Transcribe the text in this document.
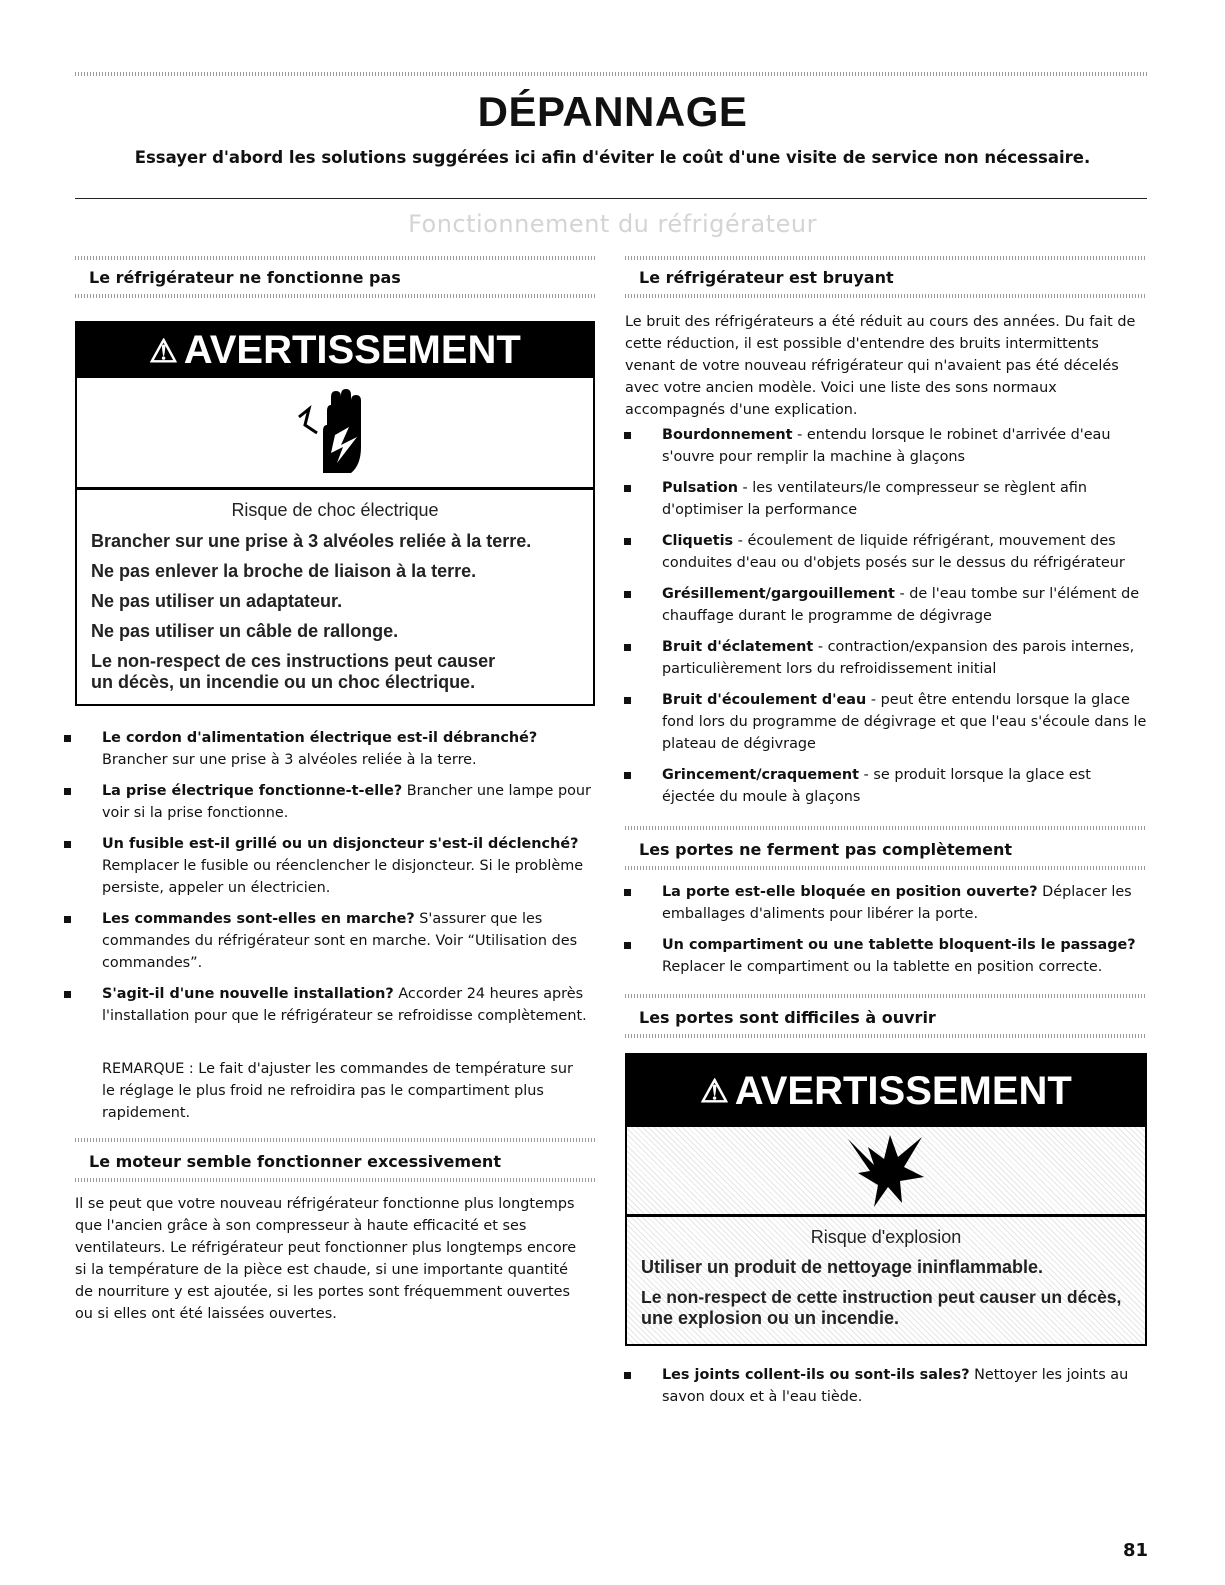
DÉPANNAGE
Essayer d'abord les solutions suggérées ici afin d'éviter le coût d'une visite de service non nécessaire.
Fonctionnement du réfrigérateur
Le réfrigérateur ne fonctionne pas
⚠ AVERTISSEMENT
Risque de choc électrique
Brancher sur une prise à 3 alvéoles reliée à la terre.
Ne pas enlever la broche de liaison à la terre.
Ne pas utiliser un adaptateur.
Ne pas utiliser un câble de rallonge.
Le non-respect de ces instructions peut causer
un décès, un incendie ou un choc électrique.
Le cordon d'alimentation électrique est-il débranché? Brancher sur une prise à 3 alvéoles reliée à la terre.
La prise électrique fonctionne-t-elle? Brancher une lampe pour voir si la prise fonctionne.
Un fusible est-il grillé ou un disjoncteur s'est-il déclenché? Remplacer le fusible ou réenclencher le disjoncteur. Si le problème persiste, appeler un électricien.
Les commandes sont-elles en marche? S'assurer que les commandes du réfrigérateur sont en marche. Voir “Utilisation des commandes”.
S'agit-il d'une nouvelle installation? Accorder 24 heures après l'installation pour que le réfrigérateur se refroidisse complètement.
REMARQUE : Le fait d'ajuster les commandes de température sur le réglage le plus froid ne refroidira pas le compartiment plus rapidement.
Le moteur semble fonctionner excessivement
Il se peut que votre nouveau réfrigérateur fonctionne plus longtemps que l'ancien grâce à son compresseur à haute efficacité et ses ventilateurs. Le réfrigérateur peut fonctionner plus longtemps encore si la température de la pièce est chaude, si une importante quantité de nourriture y est ajoutée, si les portes sont fréquemment ouvertes ou si elles ont été laissées ouvertes.
Le réfrigérateur est bruyant
Le bruit des réfrigérateurs a été réduit au cours des années. Du fait de cette réduction, il est possible d'entendre des bruits intermittents venant de votre nouveau réfrigérateur qui n'avaient pas été décelés avec votre ancien modèle. Voici une liste des sons normaux accompagnés d'une explication.
Bourdonnement - entendu lorsque le robinet d'arrivée d'eau s'ouvre pour remplir la machine à glaçons
Pulsation - les ventilateurs/le compresseur se règlent afin d'optimiser la performance
Cliquetis - écoulement de liquide réfrigérant, mouvement des conduites d'eau ou d'objets posés sur le dessus du réfrigérateur
Grésillement/gargouillement - de l'eau tombe sur l'élément de chauffage durant le programme de dégivrage
Bruit d'éclatement - contraction/expansion des parois internes, particulièrement lors du refroidissement initial
Bruit d'écoulement d'eau - peut être entendu lorsque la glace fond lors du programme de dégivrage et que l'eau s'écoule dans le plateau de dégivrage
Grincement/craquement - se produit lorsque la glace est éjectée du moule à glaçons
Les portes ne ferment pas complètement
La porte est-elle bloquée en position ouverte? Déplacer les emballages d'aliments pour libérer la porte.
Un compartiment ou une tablette bloquent-ils le passage? Replacer le compartiment ou la tablette en position correcte.
Les portes sont difficiles à ouvrir
⚠ AVERTISSEMENT
Risque d'explosion
Utiliser un produit de nettoyage ininflammable.
Le non-respect de cette instruction peut causer un décès,
une explosion ou un incendie.
Les joints collent-ils ou sont-ils sales? Nettoyer les joints au savon doux et à l'eau tiède.
81
